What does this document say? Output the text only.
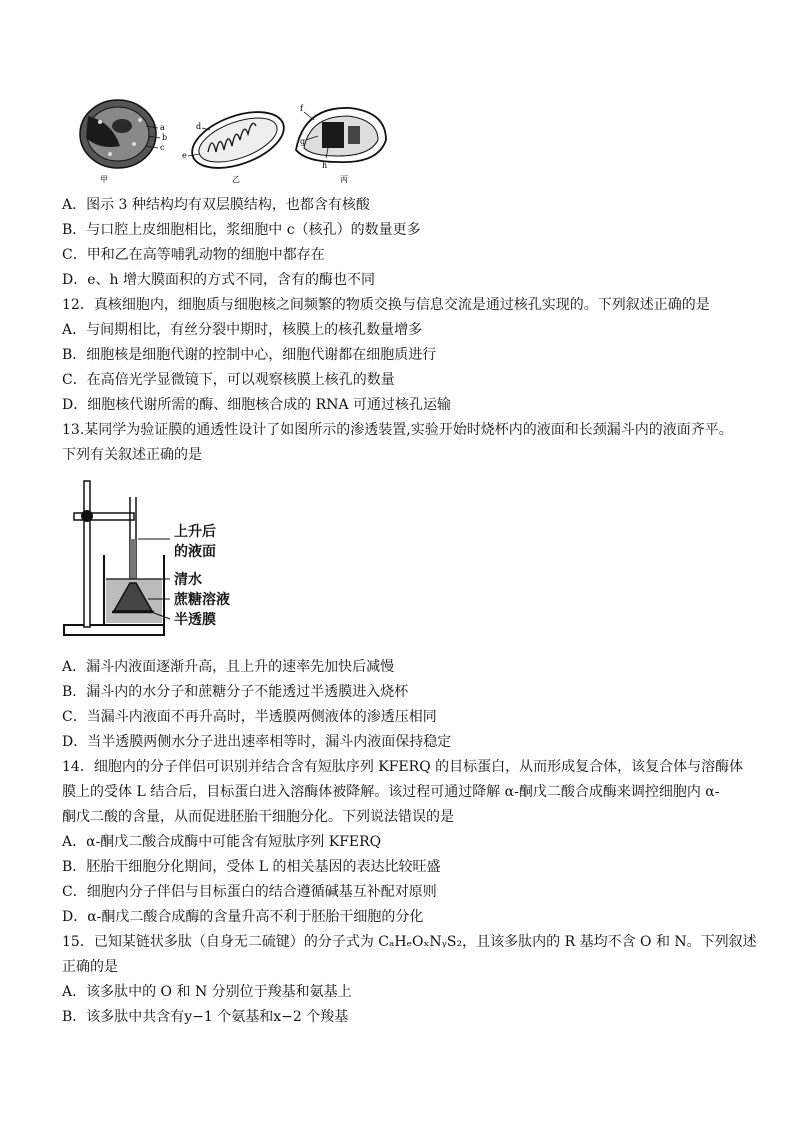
a
b
c
甲
d
e
乙
f
g
h
丙
A．图示 3 种结构均有双层膜结构，也都含有核酸
B．与口腔上皮细胞相比，浆细胞中 c（核孔）的数量更多
C．甲和乙在高等哺乳动物的细胞中都存在
D．e、h 增大膜面积的方式不同，含有的酶也不同
12．真核细胞内，细胞质与细胞核之间频繁的物质交换与信息交流是通过核孔实现的。下列叙述正确的是
A．与间期相比，有丝分裂中期时，核膜上的核孔数量增多
B．细胞核是细胞代谢的控制中心，细胞代谢都在细胞质进行
C．在高倍光学显微镜下，可以观察核膜上核孔的数量
D．细胞核代谢所需的酶、细胞核合成的 RNA 可通过核孔运输
13.某同学为验证膜的通透性设计了如图所示的渗透装置,实验开始时烧杯内的液面和长颈漏斗内的液面齐平。
下列有关叙述正确的是
上升后
的液面
清水
蔗糖溶液
半透膜
A．漏斗内液面逐渐升高，且上升的速率先加快后减慢
B．漏斗内的水分子和蔗糖分子不能透过半透膜进入烧杯
C．当漏斗内液面不再升高时，半透膜两侧液体的渗透压相同
D．当半透膜两侧水分子进出速率相等时，漏斗内液面保持稳定
14．细胞内的分子伴侣可识别并结合含有短肽序列 KFERQ 的目标蛋白，从而形成复合体，该复合体与溶酶体
膜上的受体 L 结合后，目标蛋白进入溶酶体被降解。该过程可通过降解 α-酮戊二酸合成酶来调控细胞内 α-
酮戊二酸的含量，从而促进胚胎干细胞分化。下列说法错误的是
A．α-酮戊二酸合成酶中可能含有短肽序列 KFERQ
B．胚胎干细胞分化期间，受体 L 的相关基因的表达比较旺盛
C．细胞内分子伴侣与目标蛋白的结合遵循碱基互补配对原则
D．α-酮戊二酸合成酶的含量升高不利于胚胎干细胞的分化
15．已知某链状多肽（自身无二硫键）的分子式为 CₐHₑOₓNᵧS₂，且该多肽内的 R 基均不含 O 和 N。下列叙述
正确的是
A．该多肽中的 O 和 N 分别位于羧基和氨基上
B．该多肽中共含有y−1 个氨基和x−2 个羧基
